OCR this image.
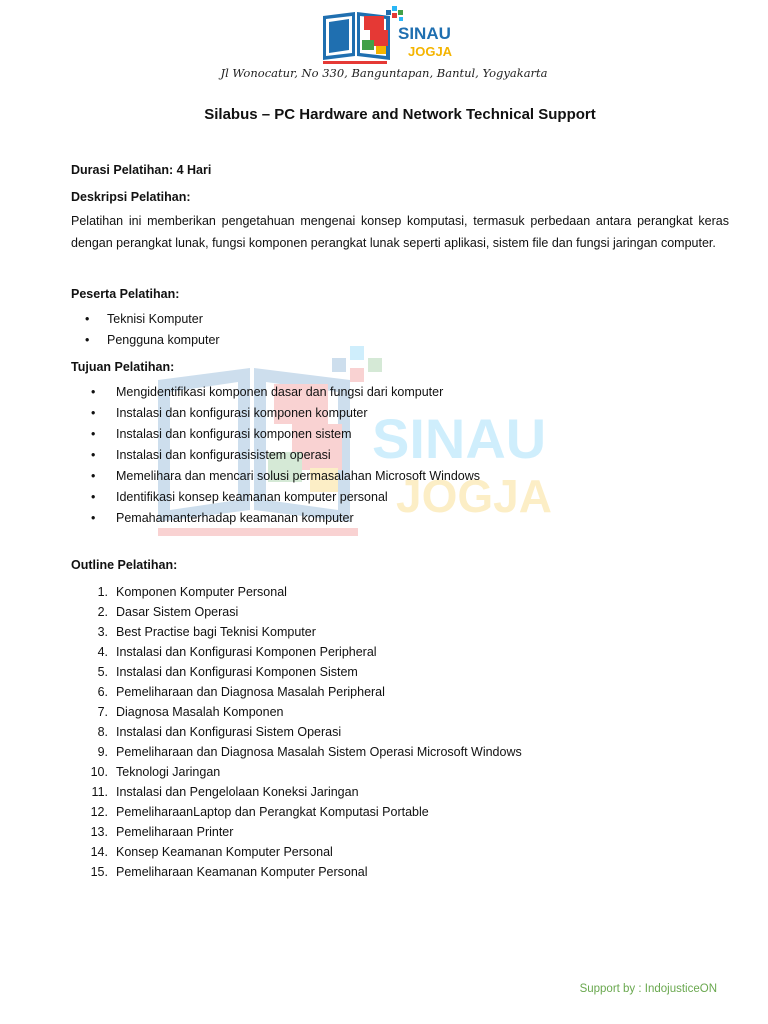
SINAU
JOGJA
Jl Wonocatur, No 330, Banguntapan, Bantul, Yogyakarta
Silabus – PC Hardware and Network Technical Support
SINAU
JOGJA

Durasi Pelatihan: 4 Hari

Deskripsi Pelatihan:

Pelatihan ini memberikan pengetahuan mengenai konsep komputasi, termasuk perbedaan antara perangkat keras dengan perangkat lunak, fungsi komponen perangkat lunak seperti aplikasi, sistem file dan fungsi jaringan computer.

Peserta Pelatihan:

• Teknisi Komputer
• Pengguna komputer

Tujuan Pelatihan:

• Mengidentifikasi komponen dasar dan fungsi dari komputer
• Instalasi dan konfigurasi komponen komputer
• Instalasi dan konfigurasi komponen sistem
• Instalasi dan konfigurasisistem operasi
• Memelihara dan mencari solusi permasalahan Microsoft Windows
• Identifikasi konsep keamanan komputer personal
• Pemahamanterhadap keamanan komputer

Outline Pelatihan:

1. Komponen Komputer Personal
2. Dasar Sistem Operasi
3. Best Practise bagi Teknisi Komputer
4. Instalasi dan Konfigurasi Komponen Peripheral
5. Instalasi dan Konfigurasi Komponen Sistem
6. Pemeliharaan dan Diagnosa Masalah Peripheral
7. Diagnosa Masalah Komponen
8. Instalasi dan Konfigurasi Sistem Operasi
9. Pemeliharaan dan Diagnosa Masalah Sistem Operasi Microsoft Windows
10. Teknologi Jaringan
11. Instalasi dan Pengelolaan Koneksi Jaringan
12. PemeliharaanLaptop dan Perangkat Komputasi Portable
13. Pemeliharaan Printer
14. Konsep Keamanan Komputer Personal
15. Pemeliharaan Keamanan Komputer Personal
Support by : IndojusticeON
